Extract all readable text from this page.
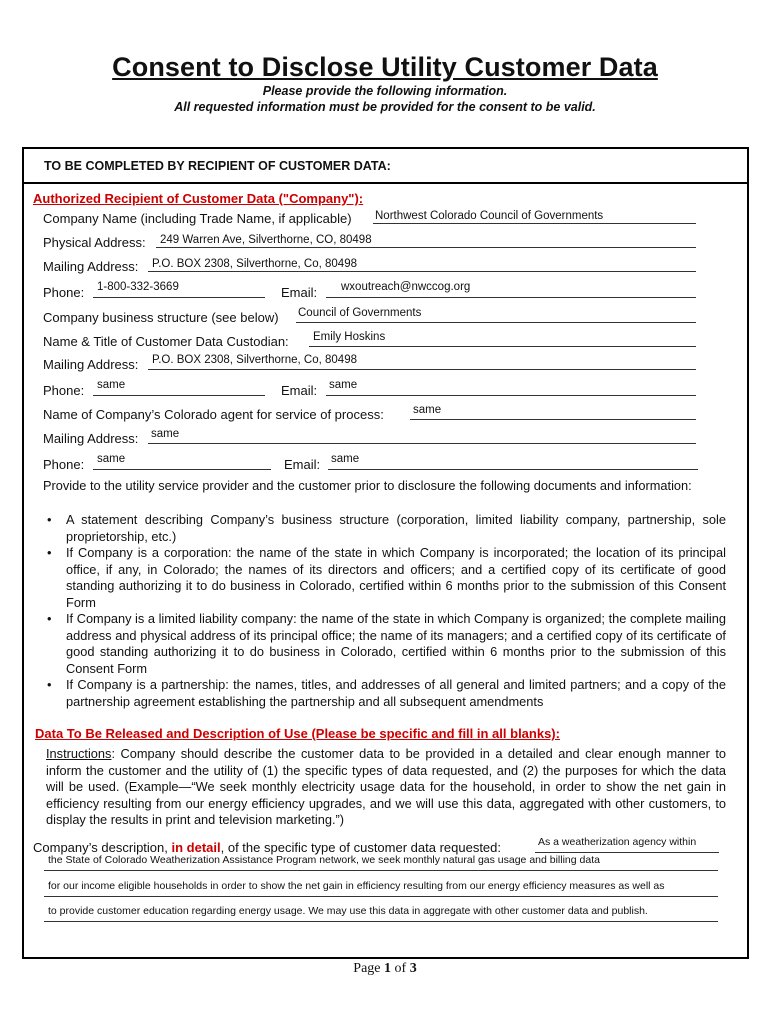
Consent to Disclose Utility Customer Data
Please provide the following information.
All requested information must be provided for the consent to be valid.
TO BE COMPLETED BY RECIPIENT OF CUSTOMER DATA:
Authorized Recipient of Customer Data ("Company"):
Company Name (including Trade Name, if applicable) Northwest Colorado Council of Governments
Physical Address: 249 Warren Ave, Silverthorne, CO, 80498
Mailing Address: P.O. BOX 2308, Silverthorne, Co, 80498
Phone: 1-800-332-3669	Email: wxoutreach@nwccog.org
Company business structure (see below) Council of Governments
Name & Title of Customer Data Custodian: Emily Hoskins
Mailing Address: P.O. BOX 2308, Silverthorne, Co, 80498
Phone: same	Email: same
Name of Company’s Colorado agent for service of process:	same
Mailing Address: same
Phone: same	Email: same
Provide to the utility service provider and the customer prior to disclosure the following documents and information:
• A statement describing Company’s business structure (corporation, limited liability company, partnership, sole proprietorship, etc.)
• If Company is a corporation: the name of the state in which Company is incorporated; the location of its principal office, if any, in Colorado; the names of its directors and officers; and a certified copy of its certificate of good standing authorizing it to do business in Colorado, certified within 6 months prior to the submission of this Consent Form
• If Company is a limited liability company: the name of the state in which Company is organized; the complete mailing address and physical address of its principal office; the name of its managers; and a certified copy of its certificate of good standing authorizing it to do business in Colorado, certified within 6 months prior to the submission of this Consent Form
• If Company is a partnership: the names, titles, and addresses of all general and limited partners; and a copy of the partnership agreement establishing the partnership and all subsequent amendments
Data To Be Released and Description of Use (Please be specific and fill in all blanks):
Instructions: Company should describe the customer data to be provided in a detailed and clear enough manner to inform the customer and the utility of (1) the specific types of data requested, and (2) the purposes for which the data will be used. (Example—“We seek monthly electricity usage data for the household, in order to show the net gain in efficiency resulting from our energy efficiency upgrades, and we will use this data, aggregated with other customers, to display the results in print and television marketing.”)
Company’s description, in detail, of the specific type of customer data requested:	As a weatherization agency within
the State of Colorado Weatherization Assistance Program network, we seek monthly natural gas usage and billing data
for our income eligible households in order to show the net gain in efficiency resulting from our energy efficiency measures as well as
to provide customer education regarding energy usage. We may use this data in aggregate with other customer data and publish.
Page 1 of 3
